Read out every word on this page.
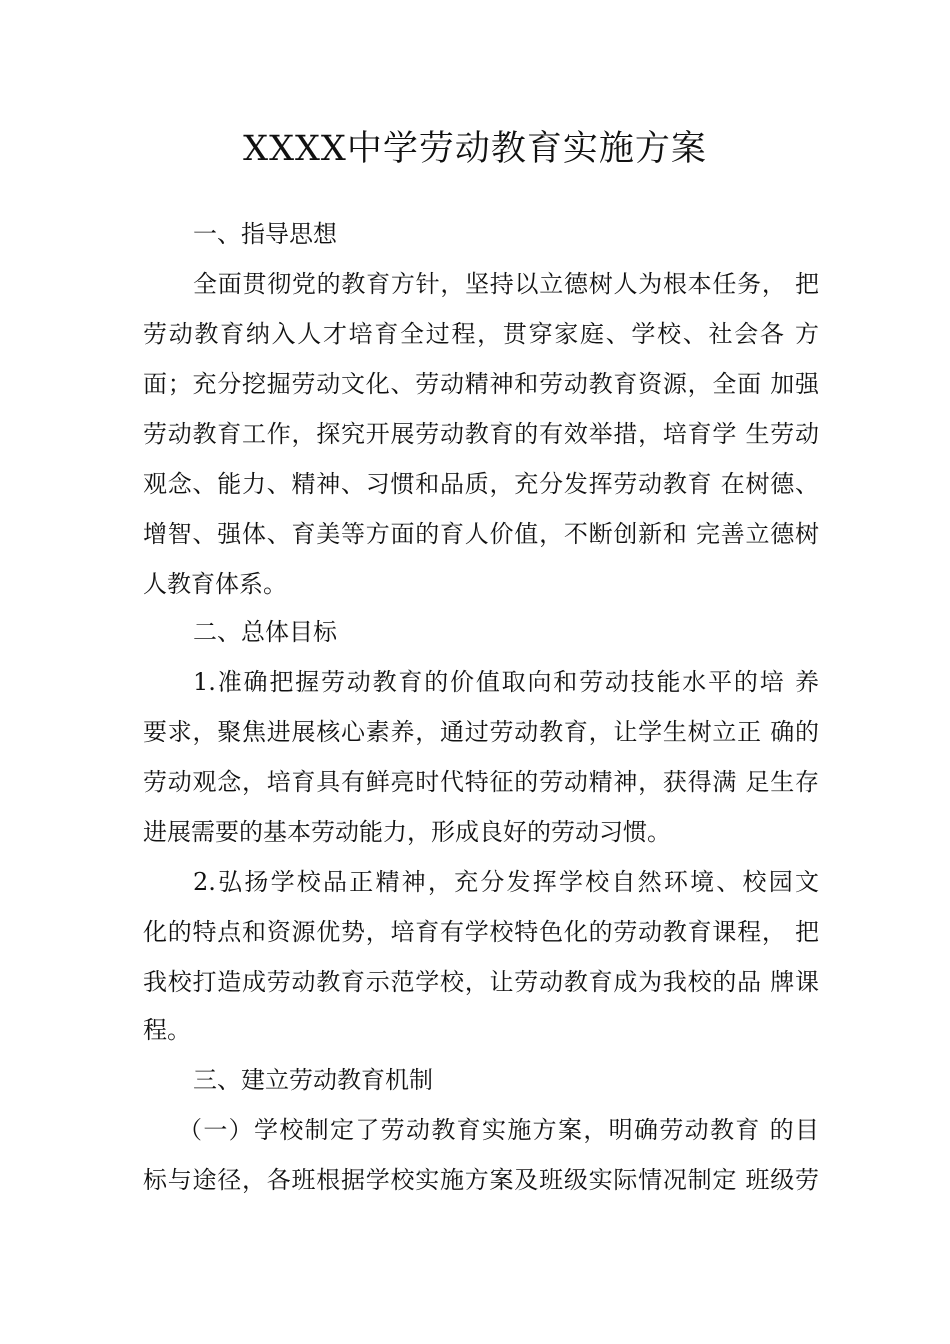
XXXX中学劳动教育实施方案
一、指导思想
全面贯彻党的教育方针，坚持以立德树人为根本任务， 把
劳动教育纳入人才培育全过程，贯穿家庭、学校、社会各 方
面；充分挖掘劳动文化、劳动精神和劳动教育资源，全面 加强
劳动教育工作，探究开展劳动教育的有效举措，培育学 生劳动
观念、能力、精神、习惯和品质，充分发挥劳动教育 在树德、
增智、强体、育美等方面的育人价值，不断创新和 完善立德树
人教育体系。
二、总体目标
1.准确把握劳动教育的价值取向和劳动技能水平的培 养
要求，聚焦进展核心素养，通过劳动教育，让学生树立正 确的
劳动观念，培育具有鲜亮时代特征的劳动精神，获得满 足生存
进展需要的基本劳动能力，形成良好的劳动习惯。
2.弘扬学校品正精神，充分发挥学校自然环境、校园文
化的特点和资源优势，培育有学校特色化的劳动教育课程， 把
我校打造成劳动教育示范学校，让劳动教育成为我校的品 牌课
程。
三、建立劳动教育机制
（一）学校制定了劳动教育实施方案，明确劳动教育 的目
标与途径，各班根据学校实施方案及班级实际情况制定 班级劳
